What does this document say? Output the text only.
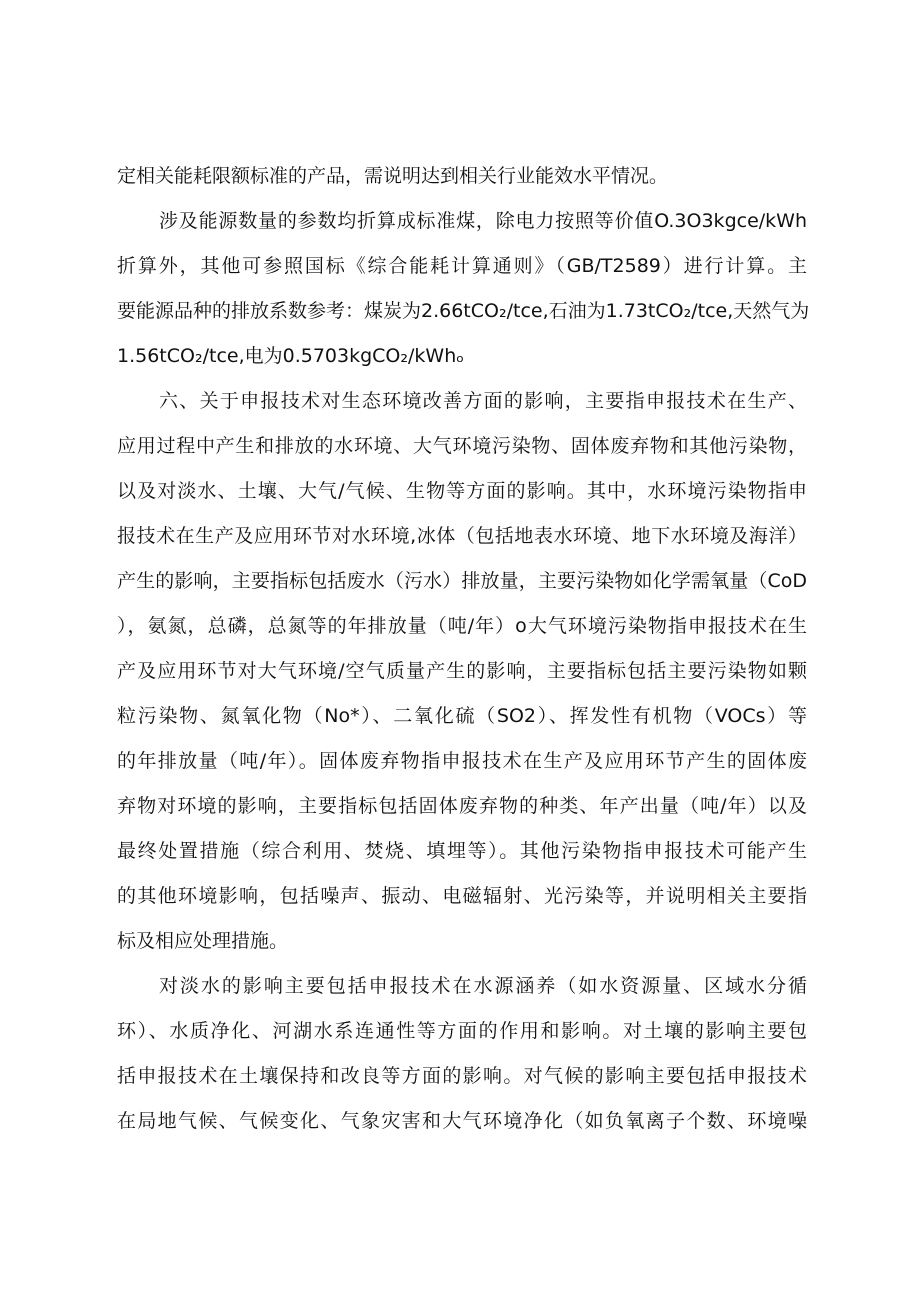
定相关能耗限额标准的产品，需说明达到相关行业能效水平情况。
涉及能源数量的参数均折算成标准煤，除电力按照等价值O.3O3kgce/kWh
折算外，其他可参照国标《综合能耗计算通则》（GB/T2589）进行计算。主
要能源品种的排放系数参考：煤炭为2.66tCO₂/tce,石油为1.73tCO₂/tce,天然气为
1.56tCO₂/tce,电为0.5703kgCO₂/kWhₒ
六、关于申报技术对生态环境改善方面的影响，主要指申报技术在生产、
应用过程中产生和排放的水环境、大气环境污染物、固体废弃物和其他污染物，
以及对淡水、土壤、大气/气候、生物等方面的影响。其中，水环境污染物指申
报技术在生产及应用环节对水环境,冰体（包括地表水环境、地下水环境及海洋）
产生的影响，主要指标包括废水（污水）排放量，主要污染物如化学需氧量（CoD
），氨氮，总磷，总氮等的年排放量（吨/年）o大气环境污染物指申报技术在生
产及应用环节对大气环境/空气质量产生的影响，主要指标包括主要污染物如颗
粒污染物、氮氧化物（No*）、二氧化硫（SO2）、挥发性有机物（VOCs）等
的年排放量（吨/年）。固体废弃物指申报技术在生产及应用环节产生的固体废
弃物对环境的影响，主要指标包括固体废弃物的种类、年产出量（吨/年）以及
最终处置措施（综合利用、焚烧、填埋等）。其他污染物指申报技术可能产生
的其他环境影响，包括噪声、振动、电磁辐射、光污染等，并说明相关主要指
标及相应处理措施。
对淡水的影响主要包括申报技术在水源涵养（如水资源量、区域水分循
环）、水质净化、河湖水系连通性等方面的作用和影响。对土壤的影响主要包
括申报技术在土壤保持和改良等方面的影响。对气候的影响主要包括申报技术
在局地气候、气候变化、气象灾害和大气环境净化（如负氧离子个数、环境噪
